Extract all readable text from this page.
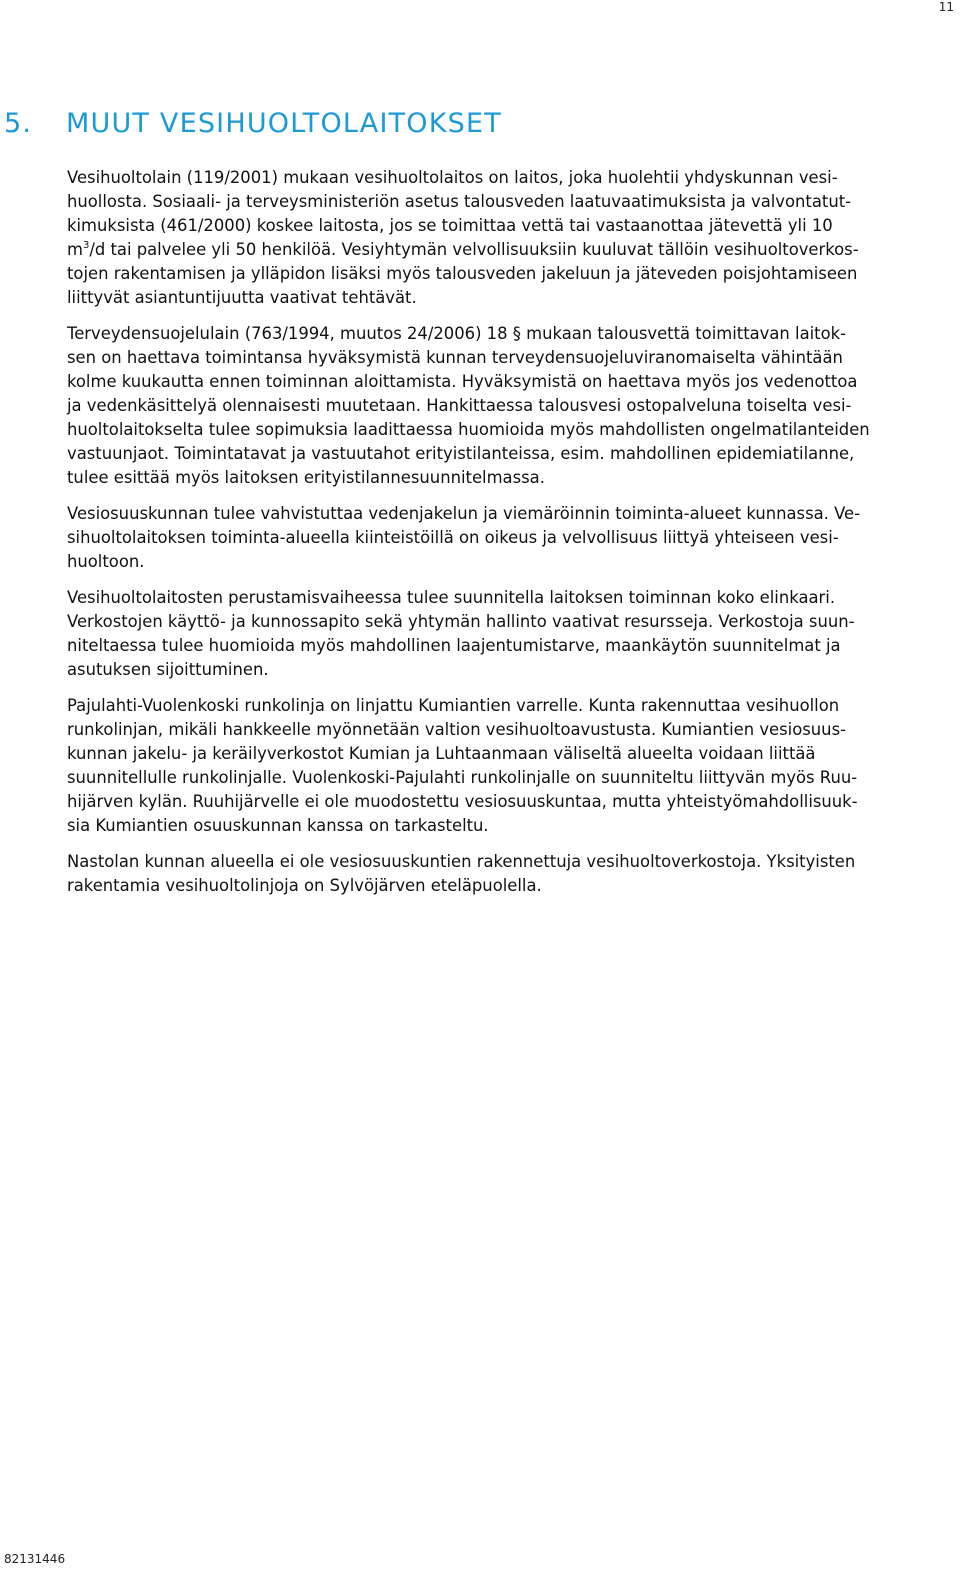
11
5. MUUT VESIHUOLTOLAITOKSET

Vesihuoltolain (119/2001) mukaan vesihuoltolaitos on laitos, joka huolehtii yhdyskunnan vesi-
huollosta. Sosiaali- ja terveysministeriön asetus talousveden laatuvaatimuksista ja valvontatut-
kimuksista (461/2000) koskee laitosta, jos se toimittaa vettä tai vastaanottaa jätevettä yli 10
$m^3/d$ tai palvelee yli 50 henkilöä. Vesiyhtymän velvollisuuksiin kuuluvat tällöin vesihuoltoverkos-
tojen rakentamisen ja ylläpidon lisäksi myös talousveden jakeluun ja jäteveden poisjohtamiseen
liittyvät asiantuntijuutta vaativat tehtävät.

Terveydensuojelulain (763/1994, muutos 24/2006) 18 § mukaan talousvettä toimittavan laitok-
sen on haettava toimintansa hyväksymistä kunnan terveydensuojeluviranomaiselta vähintään
kolme kuukautta ennen toiminnan aloittamista. Hyväksymistä on haettava myös jos vedenottoa
ja vedenkäsittelyä olennaisesti muutetaan. Hankittaessa talousvesi ostopalveluna toiselta vesi-
huoltolaitokselta tulee sopimuksia laadittaessa huomioida myös mahdollisten ongelmatilanteiden
vastuunjaot. Toimintatavat ja vastuutahot erityistilanteissa, esim. mahdollinen epidemiatilanne,
tulee esittää myös laitoksen erityistilannesuunnitelmassa.

Vesiosuuskunnan tulee vahvistuttaa vedenjakelun ja viemäröinnin toiminta-alueet kunnassa. Ve-
sihuoltolaitoksen toiminta-alueella kiinteistöillä on oikeus ja velvollisuus liittyä yhteiseen vesi-
huoltoon.

Vesihuoltolaitosten perustamisvaiheessa tulee suunnitella laitoksen toiminnan koko elinkaari.
Verkostojen käyttö- ja kunnossapito sekä yhtymän hallinto vaativat resursseja. Verkostoja suun-
niteltaessa tulee huomioida myös mahdollinen laajentumistarve, maankäytön suunnitelmat ja
asutuksen sijoittuminen.

Pajulahti-Vuolenkoski runkolinja on linjattu Kumiantien varrelle. Kunta rakennuttaa vesihuollon
runkolinjan, mikäli hankkeelle myönnetään valtion vesihuoltoavustusta. Kumiantien vesiosuus-
kunnan jakelu- ja keräilyverkostot Kumian ja Luhtaanmaan väliseltä alueelta voidaan liittää
suunnitellulle runkolinjalle. Vuolenkoski-Pajulahti runkolinjalle on suunniteltu liittyvän myös Ruu-
hijärven kylän. Ruuhijärvelle ei ole muodostettu vesiosuuskuntaa, mutta yhteistyömahdollisuuk-
sia Kumiantien osuuskunnan kanssa on tarkasteltu.

Nastolan kunnan alueella ei ole vesiosuuskuntien rakennettuja vesihuoltoverkostoja. Yksityisten
rakentamia vesihuoltolinjoja on Sylvöjärven eteläpuolella.

82131446
